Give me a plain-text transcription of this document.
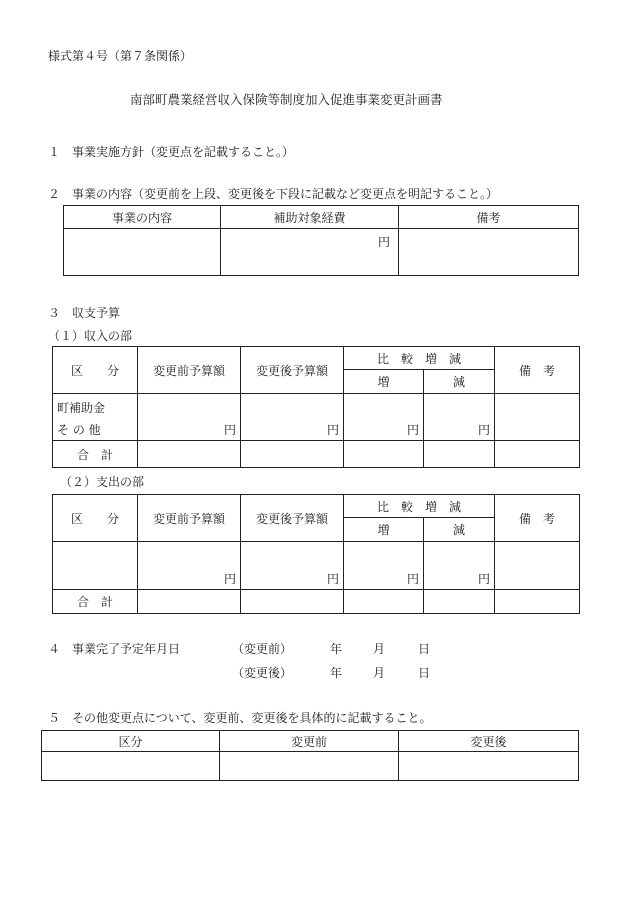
様式第４号（第７条関係）
南部町農業経営収入保険等制度加入促進事業変更計画書
１　事業実施方針（変更点を記載すること。）
２　事業の内容（変更前を上段、変更後を下段に記載など変更点を明記すること。）
事業の内容	補助対象経費	備考
	円	
３　収支予算
（１）収入の部
区　　分	変更前予算額	変更後予算額	比　較　増　減		備　考
			増	減	

町補助金
そ の 他	円	円	円	円	
合　計					
（２）支出の部
区　　分	変更前予算額	変更後予算額	比　較　増　減		備　考
			増	減	
	円	円	円	円	
合　計					
４　事業完了予定年月日	（変更前）	年	月	日
（変更後）	年	月	日
５　その他変更点について、変更前、変更後を具体的に記載すること。
区分	変更前	変更後
